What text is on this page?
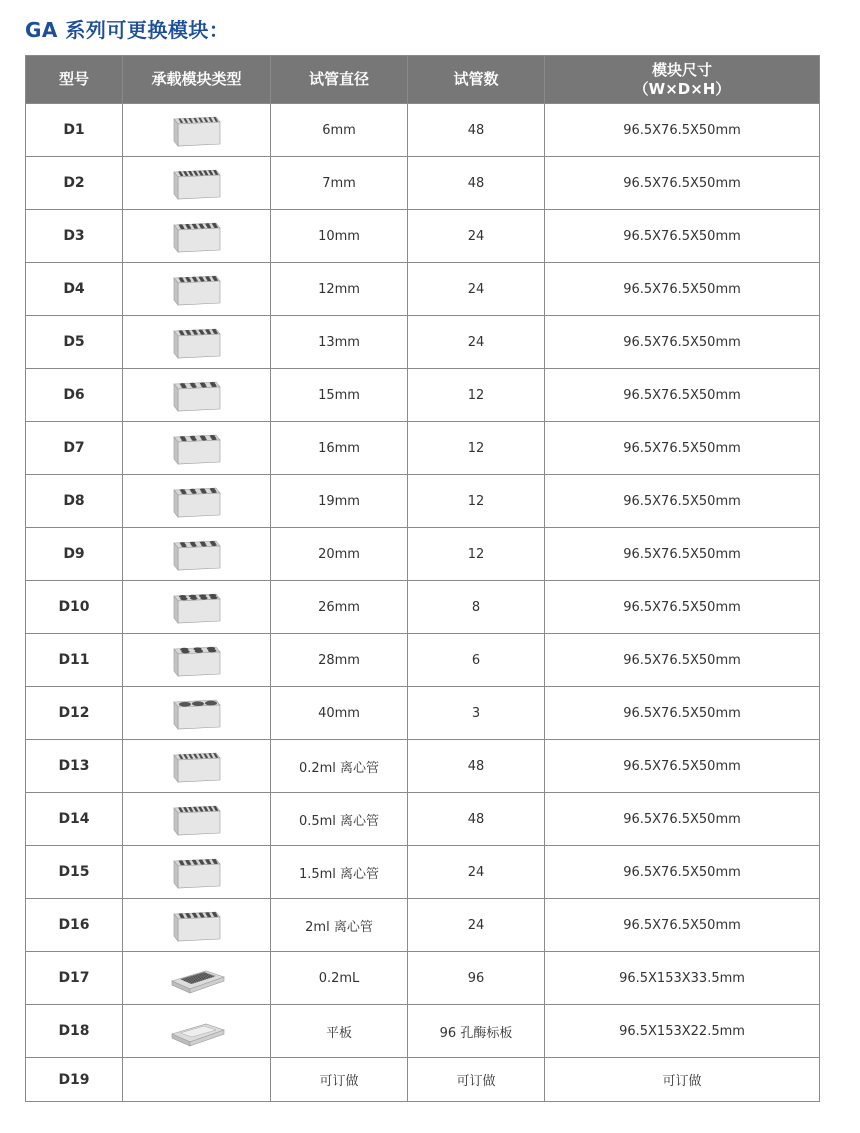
GA 系列可更换模块：
型号	承载模块类型	试管直径	试管数	模块尺寸
（W×D×H）

D1		6mm	48	96.5X76.5X50mm
D2		7mm	48	96.5X76.5X50mm
D3		10mm	24	96.5X76.5X50mm
D4		12mm	24	96.5X76.5X50mm
D5		13mm	24	96.5X76.5X50mm
D6		15mm	12	96.5X76.5X50mm
D7		16mm	12	96.5X76.5X50mm
D8		19mm	12	96.5X76.5X50mm
D9		20mm	12	96.5X76.5X50mm
D10		26mm	8	96.5X76.5X50mm
D11		28mm	6	96.5X76.5X50mm
D12		40mm	3	96.5X76.5X50mm
D13		0.2ml 离心管	48	96.5X76.5X50mm
D14		0.5ml 离心管	48	96.5X76.5X50mm
D15		1.5ml 离心管	24	96.5X76.5X50mm
D16		2ml 离心管	24	96.5X76.5X50mm
D17		0.2mL	96	96.5X153X33.5mm
D18		平板	96 孔酶标板	96.5X153X22.5mm
D19		可订做	可订做	可订做
